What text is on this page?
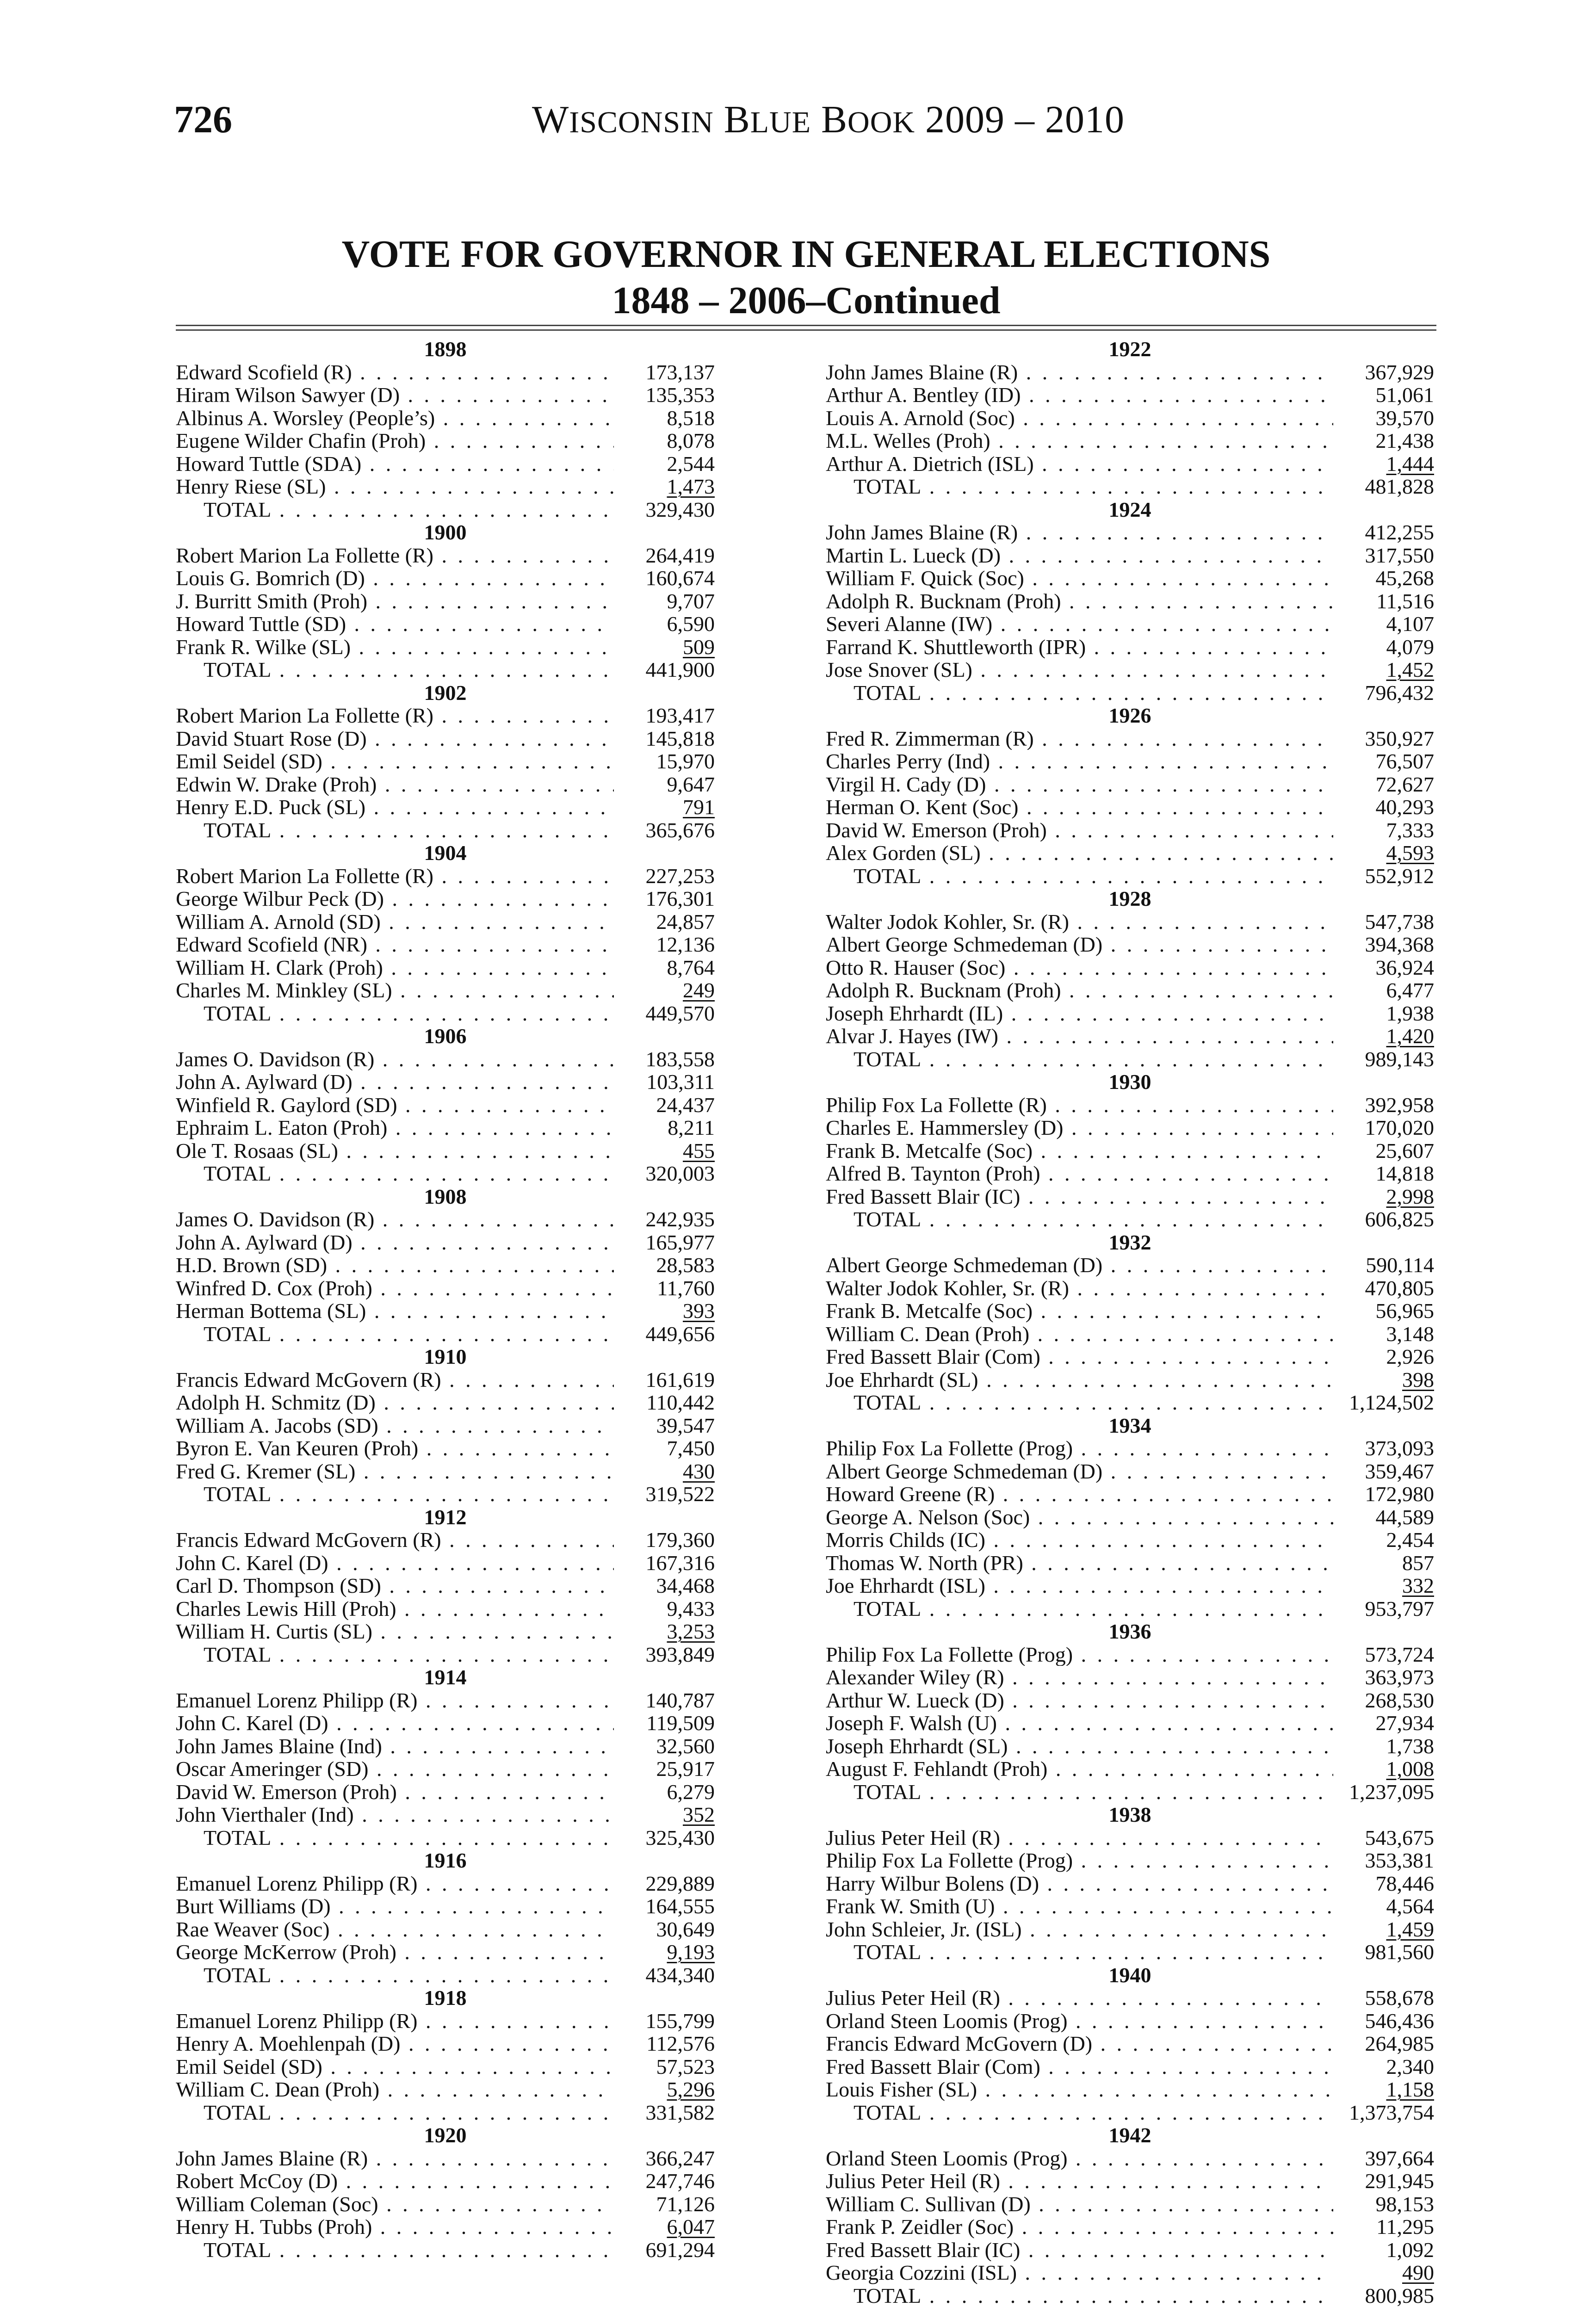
726	WISCONSIN BLUE BOOK 2009 – 2010
VOTE FOR GOVERNOR IN GENERAL ELECTIONS
1848 – 2006–Continued
1898
Edward Scofield (R) . . .	173,137
Hiram Wilson Sawyer (D) . . .	135,353
Albinus A. Worsley (People’s) . . .	8,518
Eugene Wilder Chafin (Proh) . . .	8,078
Howard Tuttle (SDA) . . .	2,544
Henry Riese (SL) . . .	1,473
TOTAL . . .	329,430
1900
Robert Marion La Follette (R) . . .	264,419
Louis G. Bomrich (D) . . .	160,674
J. Burritt Smith (Proh) . . .	9,707
Howard Tuttle (SD) . . .	6,590
Frank R. Wilke (SL) . . .	509
TOTAL . . .	441,900
1902
Robert Marion La Follette (R) . . .	193,417
David Stuart Rose (D) . . .	145,818
Emil Seidel (SD) . . .	15,970
Edwin W. Drake (Proh) . . .	9,647
Henry E.D. Puck (SL) . . .	791
TOTAL . . .	365,676
1904
Robert Marion La Follette (R) . . .	227,253
George Wilbur Peck (D) . . .	176,301
William A. Arnold (SD) . . .	24,857
Edward Scofield (NR) . . .	12,136
William H. Clark (Proh) . . .	8,764
Charles M. Minkley (SL) . . .	249
TOTAL . . .	449,570
1906
James O. Davidson (R) . . .	183,558
John A. Aylward (D) . . .	103,311
Winfield R. Gaylord (SD) . . .	24,437
Ephraim L. Eaton (Proh) . . .	8,211
Ole T. Rosaas (SL) . . .	455
TOTAL . . .	320,003
1908
James O. Davidson (R) . . .	242,935
John A. Aylward (D) . . .	165,977
H.D. Brown (SD) . . .	28,583
Winfred D. Cox (Proh) . . .	11,760
Herman Bottema (SL) . . .	393
TOTAL . . .	449,656
1910
Francis Edward McGovern (R) . . .	161,619
Adolph H. Schmitz (D) . . .	110,442
William A. Jacobs (SD) . . .	39,547
Byron E. Van Keuren (Proh) . . .	7,450
Fred G. Kremer (SL) . . .	430
TOTAL . . .	319,522
1912
Francis Edward McGovern (R) . . .	179,360
John C. Karel (D) . . .	167,316
Carl D. Thompson (SD) . . .	34,468
Charles Lewis Hill (Proh) . . .	9,433
William H. Curtis (SL) . . .	3,253
TOTAL . . .	393,849
1914
Emanuel Lorenz Philipp (R) . . .	140,787
John C. Karel (D) . . .	119,509
John James Blaine (Ind) . . .	32,560
Oscar Ameringer (SD) . . .	25,917
David W. Emerson (Proh) . . .	6,279
John Vierthaler (Ind) . . .	352
TOTAL . . .	325,430
1916
Emanuel Lorenz Philipp (R) . . .	229,889
Burt Williams (D) . . .	164,555
Rae Weaver (Soc) . . .	30,649
George McKerrow (Proh) . . .	9,193
TOTAL . . .	434,340
1918
Emanuel Lorenz Philipp (R) . . .	155,799
Henry A. Moehlenpah (D) . . .	112,576
Emil Seidel (SD) . . .	57,523
William C. Dean (Proh) . . .	5,296
TOTAL . . .	331,582
1920
John James Blaine (R) . . .	366,247
Robert McCoy (D) . . .	247,746
William Coleman (Soc) . . .	71,126
Henry H. Tubbs (Proh) . . .	6,047
TOTAL . . .	691,294
1922
John James Blaine (R) . . .	367,929
Arthur A. Bentley (ID) . . .	51,061
Louis A. Arnold (Soc) . . .	39,570
M.L. Welles (Proh) . . .	21,438
Arthur A. Dietrich (ISL) . . .	1,444
TOTAL . . .	481,828
1924
John James Blaine (R) . . .	412,255
Martin L. Lueck (D) . . .	317,550
William F. Quick (Soc) . . .	45,268
Adolph R. Bucknam (Proh) . . .	11,516
Severi Alanne (IW) . . .	4,107
Farrand K. Shuttleworth (IPR) . . .	4,079
Jose Snover (SL) . . .	1,452
TOTAL . . .	796,432
1926
Fred R. Zimmerman (R) . . .	350,927
Charles Perry (Ind) . . .	76,507
Virgil H. Cady (D) . . .	72,627
Herman O. Kent (Soc) . . .	40,293
David W. Emerson (Proh) . . .	7,333
Alex Gorden (SL) . . .	4,593
TOTAL . . .	552,912
1928
Walter Jodok Kohler, Sr. (R) . . .	547,738
Albert George Schmedeman (D) . . .	394,368
Otto R. Hauser (Soc) . . .	36,924
Adolph R. Bucknam (Proh) . . .	6,477
Joseph Ehrhardt (IL) . . .	1,938
Alvar J. Hayes (IW) . . .	1,420
TOTAL . . .	989,143
1930
Philip Fox La Follette (R) . . .	392,958
Charles E. Hammersley (D) . . .	170,020
Frank B. Metcalfe (Soc) . . .	25,607
Alfred B. Taynton (Proh) . . .	14,818
Fred Bassett Blair (IC) . . .	2,998
TOTAL . . .	606,825
1932
Albert George Schmedeman (D) . . .	590,114
Walter Jodok Kohler, Sr. (R) . . .	470,805
Frank B. Metcalfe (Soc) . . .	56,965
William C. Dean (Proh) . . .	3,148
Fred Bassett Blair (Com) . . .	2,926
Joe Ehrhardt (SL) . . .	398
TOTAL . . .	1,124,502
1934
Philip Fox La Follette (Prog) . . .	373,093
Albert George Schmedeman (D) . . .	359,467
Howard Greene (R) . . .	172,980
George A. Nelson (Soc) . . .	44,589
Morris Childs (IC) . . .	2,454
Thomas W. North (PR) . . .	857
Joe Ehrhardt (ISL) . . .	332
TOTAL . . .	953,797
1936
Philip Fox La Follette (Prog) . . .	573,724
Alexander Wiley (R) . . .	363,973
Arthur W. Lueck (D) . . .	268,530
Joseph F. Walsh (U) . . .	27,934
Joseph Ehrhardt (SL) . . .	1,738
August F. Fehlandt (Proh) . . .	1,008
TOTAL . . .	1,237,095
1938
Julius Peter Heil (R) . . .	543,675
Philip Fox La Follette (Prog) . . .	353,381
Harry Wilbur Bolens (D) . . .	78,446
Frank W. Smith (U) . . .	4,564
John Schleier, Jr. (ISL) . . .	1,459
TOTAL . . .	981,560
1940
Julius Peter Heil (R) . . .	558,678
Orland Steen Loomis (Prog) . . .	546,436
Francis Edward McGovern (D) . . .	264,985
Fred Bassett Blair (Com) . . .	2,340
Louis Fisher (SL) . . .	1,158
TOTAL . . .	1,373,754
1942
Orland Steen Loomis (Prog) . . .	397,664
Julius Peter Heil (R) . . .	291,945
William C. Sullivan (D) . . .	98,153
Frank P. Zeidler (Soc) . . .	11,295
Fred Bassett Blair (IC) . . .	1,092
Georgia Cozzini (ISL) . . .	490
TOTAL . . .	800,985
